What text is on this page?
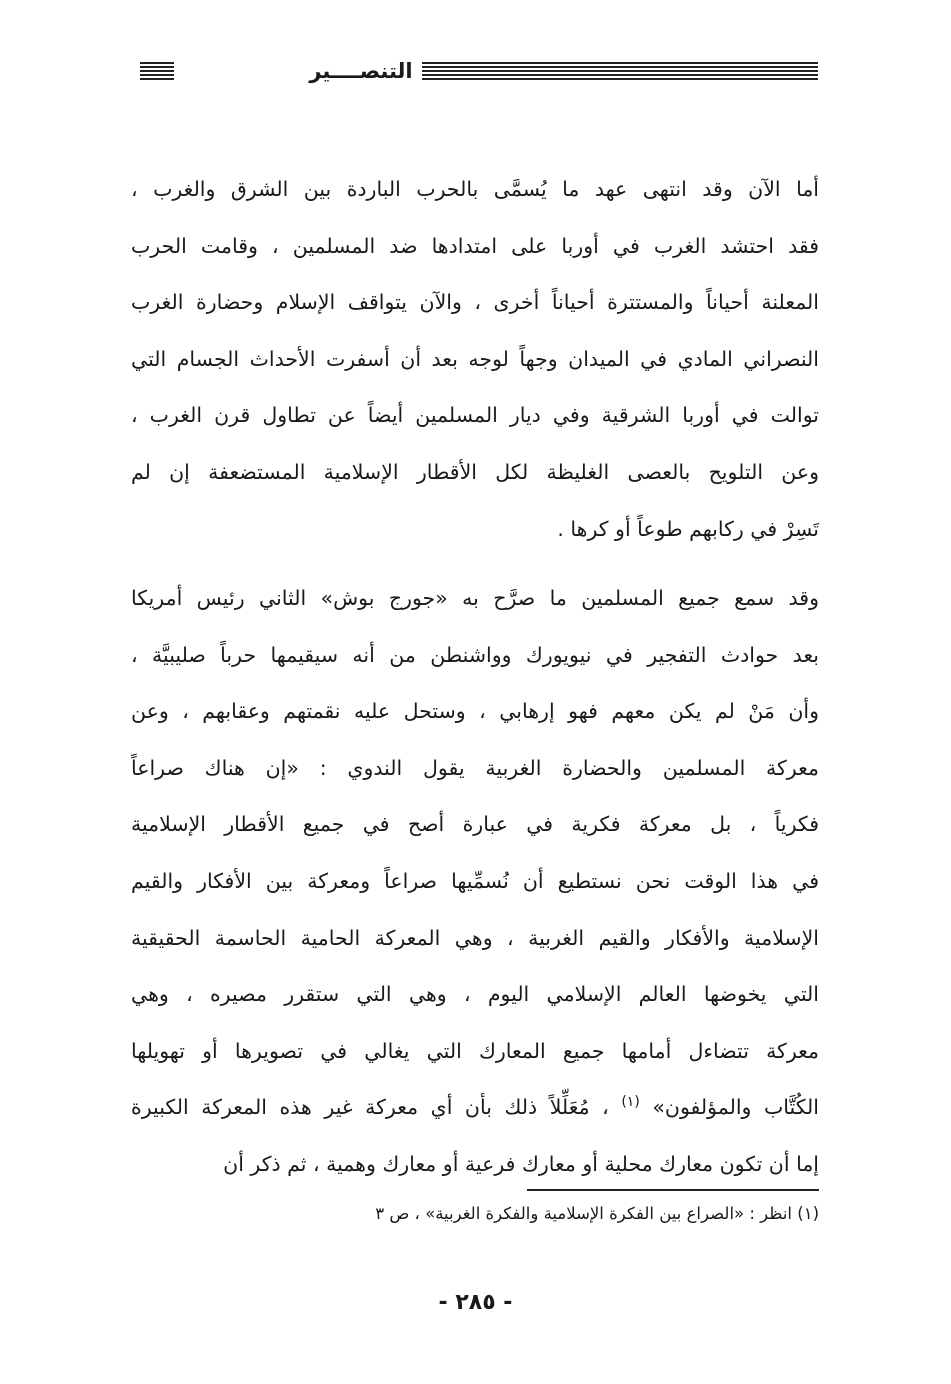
التنصــــير

أما الآن وقد انتهى عهد ما يُسمَّى بالحرب الباردة بين الشرق والغرب ،
فقد احتشد الغرب في أوربا على امتدادها ضد المسلمين ، وقامت الحرب
المعلنة أحياناً والمستترة أحياناً أخرى ، والآن يتواقف الإسلام وحضارة الغرب
النصراني المادي في الميدان وجهاً لوجه بعد أن أسفرت الأحداث الجسام التي
توالت في أوربا الشرقية وفي ديار المسلمين أيضاً عن تطاول قرن الغرب ،
وعن التلويح بالعصى الغليظة لكل الأقطار الإسلامية المستضعفة إن لم
تَسِرْ في ركابهم طوعاً أو كرها .

وقد سمع جميع المسلمين ما صرَّح به «جورج بوش» الثاني رئيس أمريكا
بعد حوادث التفجير في نيويورك وواشنطن من أنه سيقيمها حرباً صليبيَّة ،
وأن مَنْ لم يكن معهم فهو إرهابي ، وستحل عليه نقمتهم وعقابهم ، وعن
معركة المسلمين والحضارة الغربية يقول الندوي : «إن هناك صراعاً
فكرياً ، بل معركة فكرية في عبارة أصح في جميع الأقطار الإسلامية
في هذا الوقت نحن نستطيع أن نُسمِّيها صراعاً ومعركة بين الأفكار والقيم
الإسلامية والأفكار والقيم الغربية ، وهي المعركة الحامية الحاسمة الحقيقية
التي يخوضها العالم الإسلامي اليوم ، وهي التي ستقرر مصيره ، وهي
معركة تتضاءل أمامها جميع المعارك التي يغالي في تصويرها أو تهويلها
الكُتَّاب والمؤلفون» $^{(١)}$ ، مُعَلِّلاً ذلك بأن أي معركة غير هذه المعركة الكبيرة
إما أن تكون معارك محلية أو معارك فرعية أو معارك وهمية ، ثم ذكر أن

(١) انظر : «الصراع بين الفكرة الإسلامية والفكرة الغربية» ، ص ٣
- ٢٨٥ -
